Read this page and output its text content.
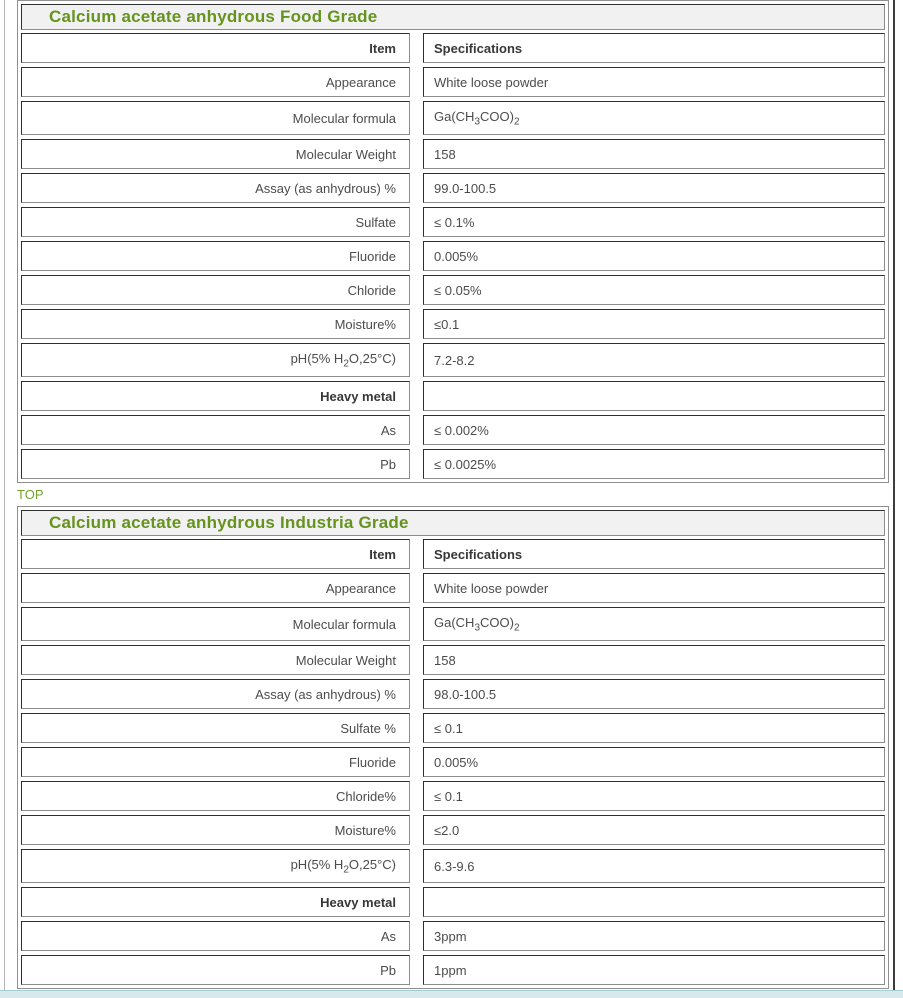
Calcium acetate anhydrous Food Grade
Item	Specifications
Appearance	White loose powder
Molecular formula	$Ga(CH_3COO)_2$
Molecular Weight	158
Assay (as anhydrous) %	99.0-100.5
Sulfate	≤ 0.1%
Fluoride	0.005%
Chloride	≤ 0.05%
Moisture%	≤0.1
pH(5% $H_2O,25^\circ C$)	7.2-8.2
Heavy metal
As	≤ 0.002%
Pb	≤ 0.0025%
TOP
Calcium acetate anhydrous Industria Grade
Item	Specifications
Appearance	White loose powder
Molecular formula	$Ga(CH_3COO)_2$
Molecular Weight	158
Assay (as anhydrous) %	98.0-100.5
Sulfate %	≤ 0.1
Fluoride	0.005%
Chloride%	≤ 0.1
Moisture%	≤2.0
pH(5% $H_2O,25^\circ C$)	6.3-9.6
Heavy metal
As	3ppm
Pb	1ppm
